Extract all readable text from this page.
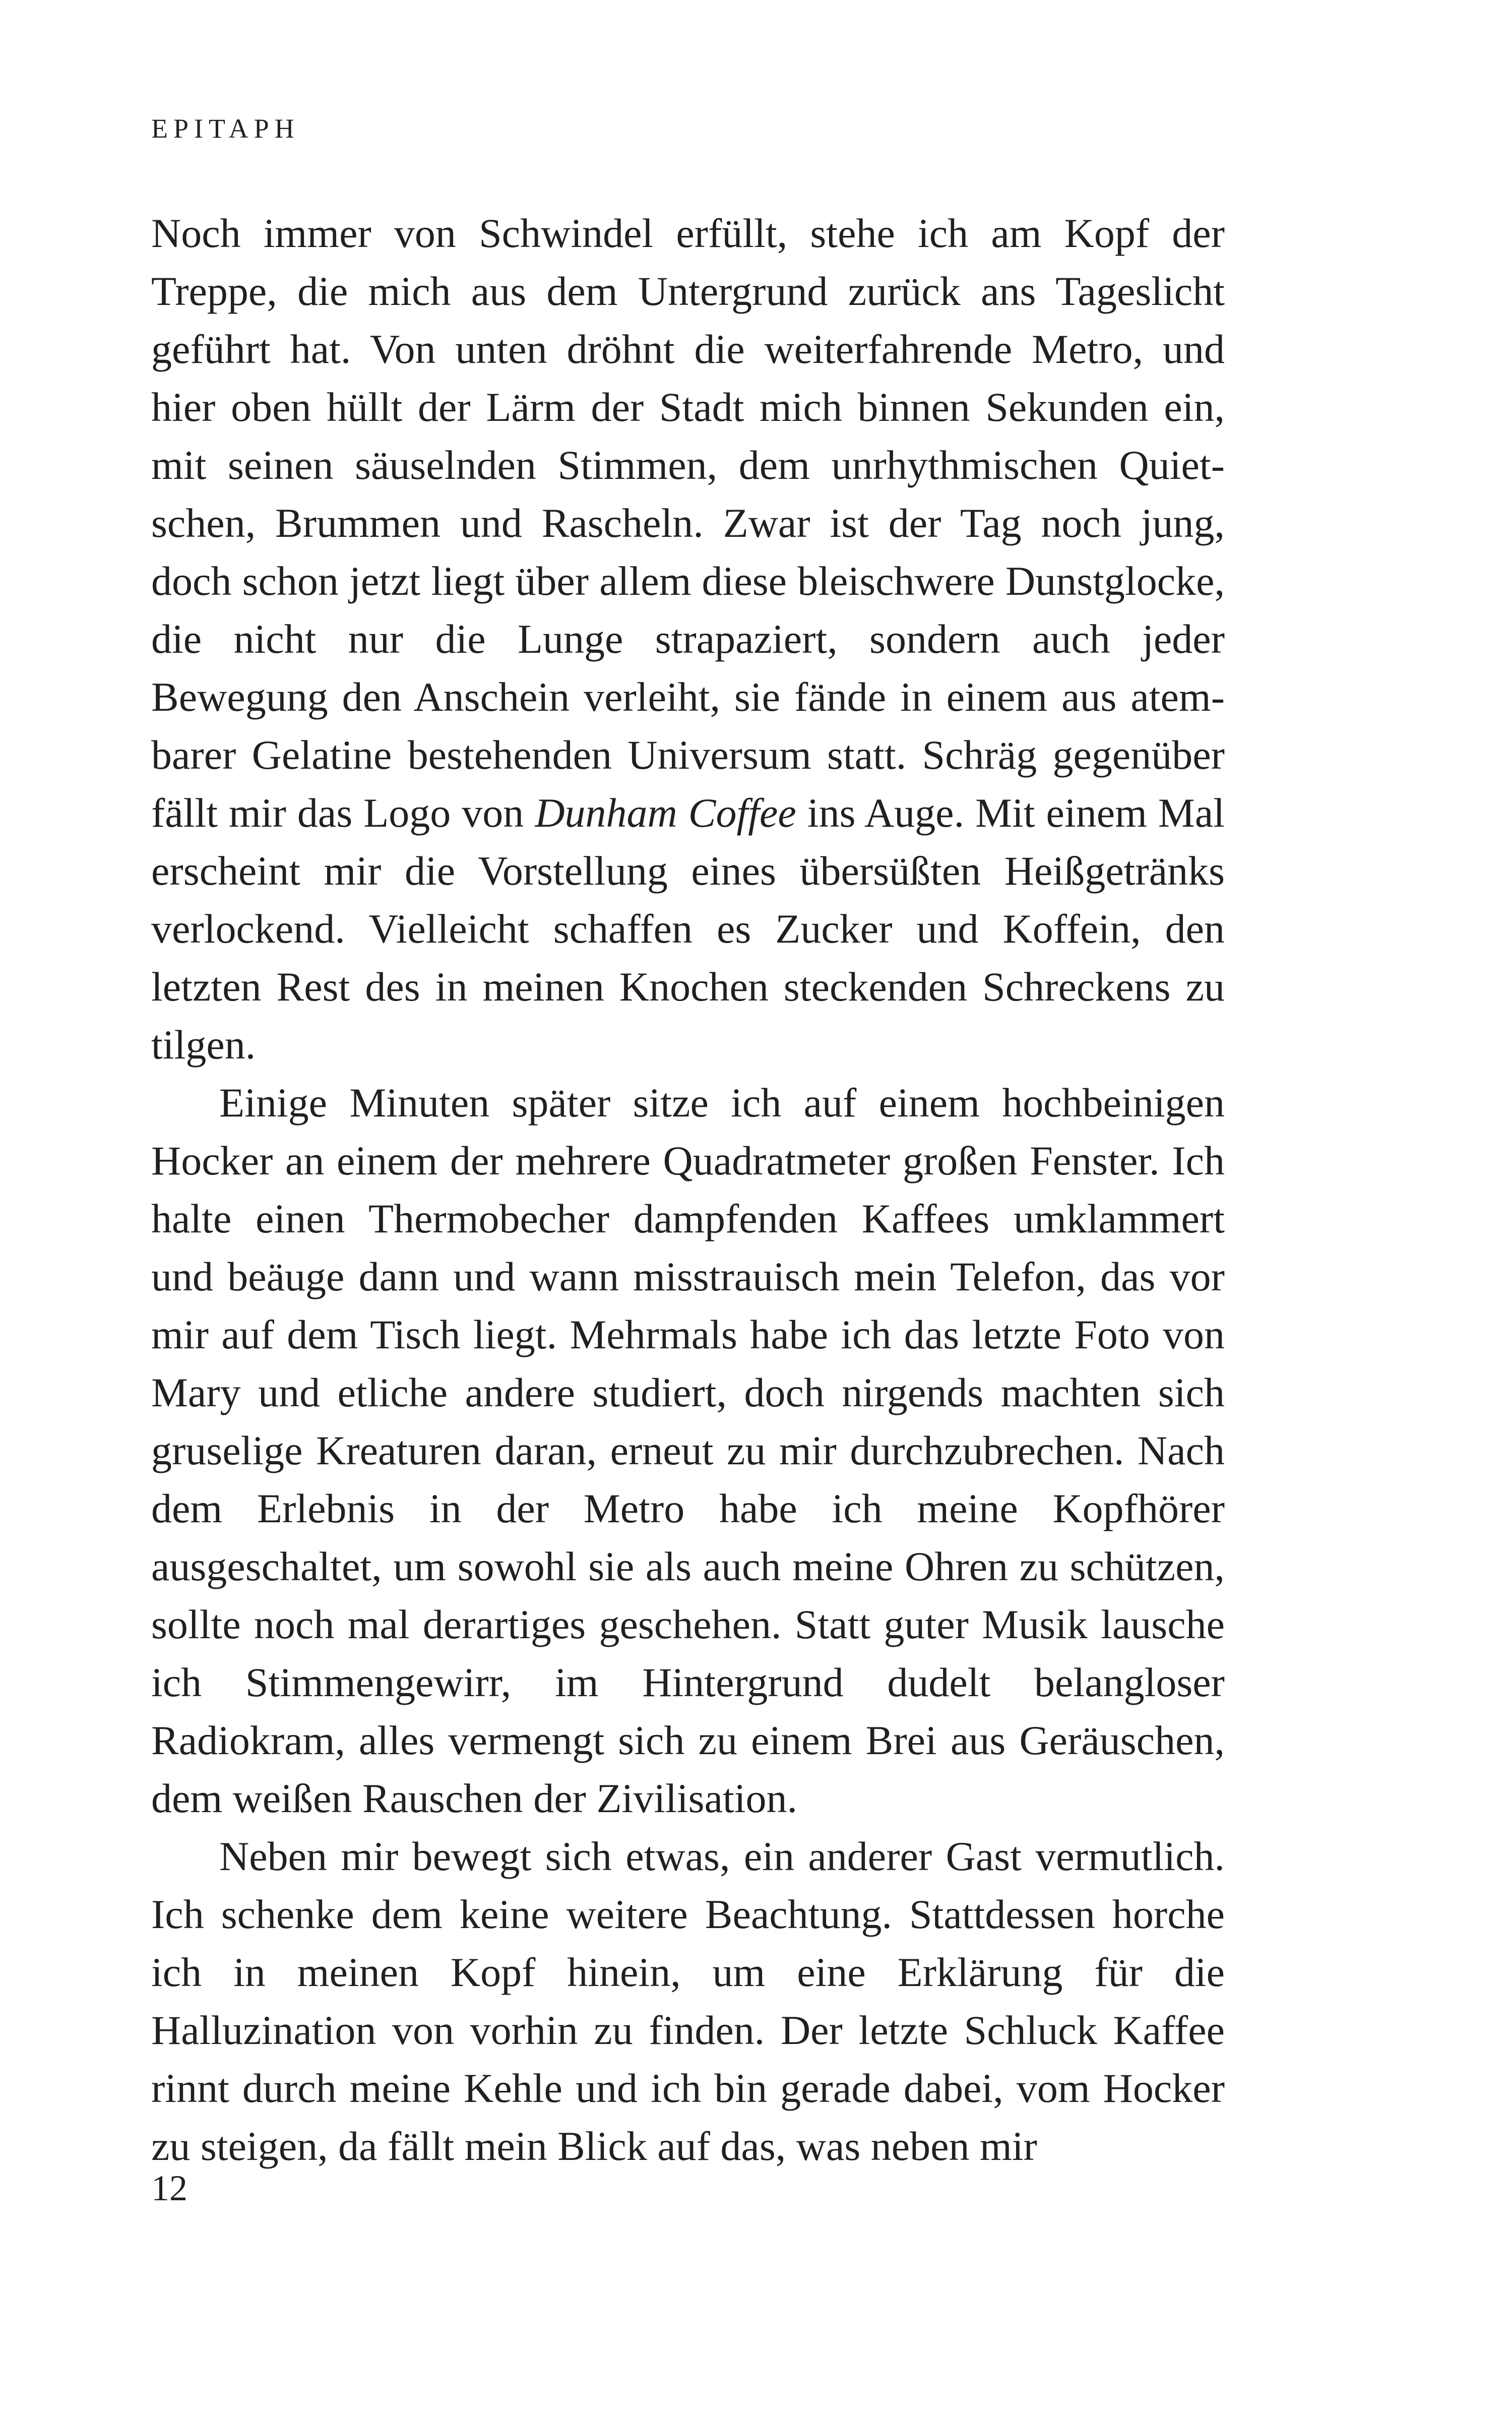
EPITAPH

Noch immer von Schwindel erfüllt, stehe ich am Kopf der Treppe, die mich aus dem Untergrund zurück ans Tageslicht geführt hat. Von unten dröhnt die weiterfahrende Metro, und hier oben hüllt der Lärm der Stadt mich binnen Sekunden ein, mit seinen säuselnden Stimmen, dem unrhythmischen Quietschen, Brummen und Rascheln. Zwar ist der Tag noch jung, doch schon jetzt liegt über allem diese bleischwere Dunstglocke, die nicht nur die Lunge strapaziert, sondern auch jeder Bewegung den Anschein verleiht, sie fände in einem aus atembarer Gelatine bestehenden Universum statt. Schräg gegenüber fällt mir das Logo von Dunham Coffee ins Auge. Mit einem Mal erscheint mir die Vorstellung eines übersüßten Heißgetränks verlockend. Vielleicht schaffen es Zucker und Koffein, den letzten Rest des in meinen Knochen steckenden Schreckens zu tilgen.

Einige Minuten später sitze ich auf einem hochbeinigen Hocker an einem der mehrere Quadratmeter großen Fenster. Ich halte einen Thermobecher dampfenden Kaffees umklammert und beäuge dann und wann misstrauisch mein Telefon, das vor mir auf dem Tisch liegt. Mehrmals habe ich das letzte Foto von Mary und etliche andere studiert, doch nirgends machten sich gruselige Kreaturen daran, erneut zu mir durchzubrechen. Nach dem Erlebnis in der Metro habe ich meine Kopfhörer ausgeschaltet, um sowohl sie als auch meine Ohren zu schützen, sollte noch mal derartiges geschehen. Statt guter Musik lausche ich Stimmengewirr, im Hintergrund dudelt belangloser Radiokram, alles vermengt sich zu einem Brei aus Geräuschen, dem weißen Rauschen der Zivilisation.

Neben mir bewegt sich etwas, ein anderer Gast vermutlich. Ich schenke dem keine weitere Beachtung. Stattdessen horche ich in meinen Kopf hinein, um eine Erklärung für die Halluzination von vorhin zu finden. Der letzte Schluck Kaffee rinnt durch meine Kehle und ich bin gerade dabei, vom Hocker zu steigen, da fällt mein Blick auf das, was neben mir

12
